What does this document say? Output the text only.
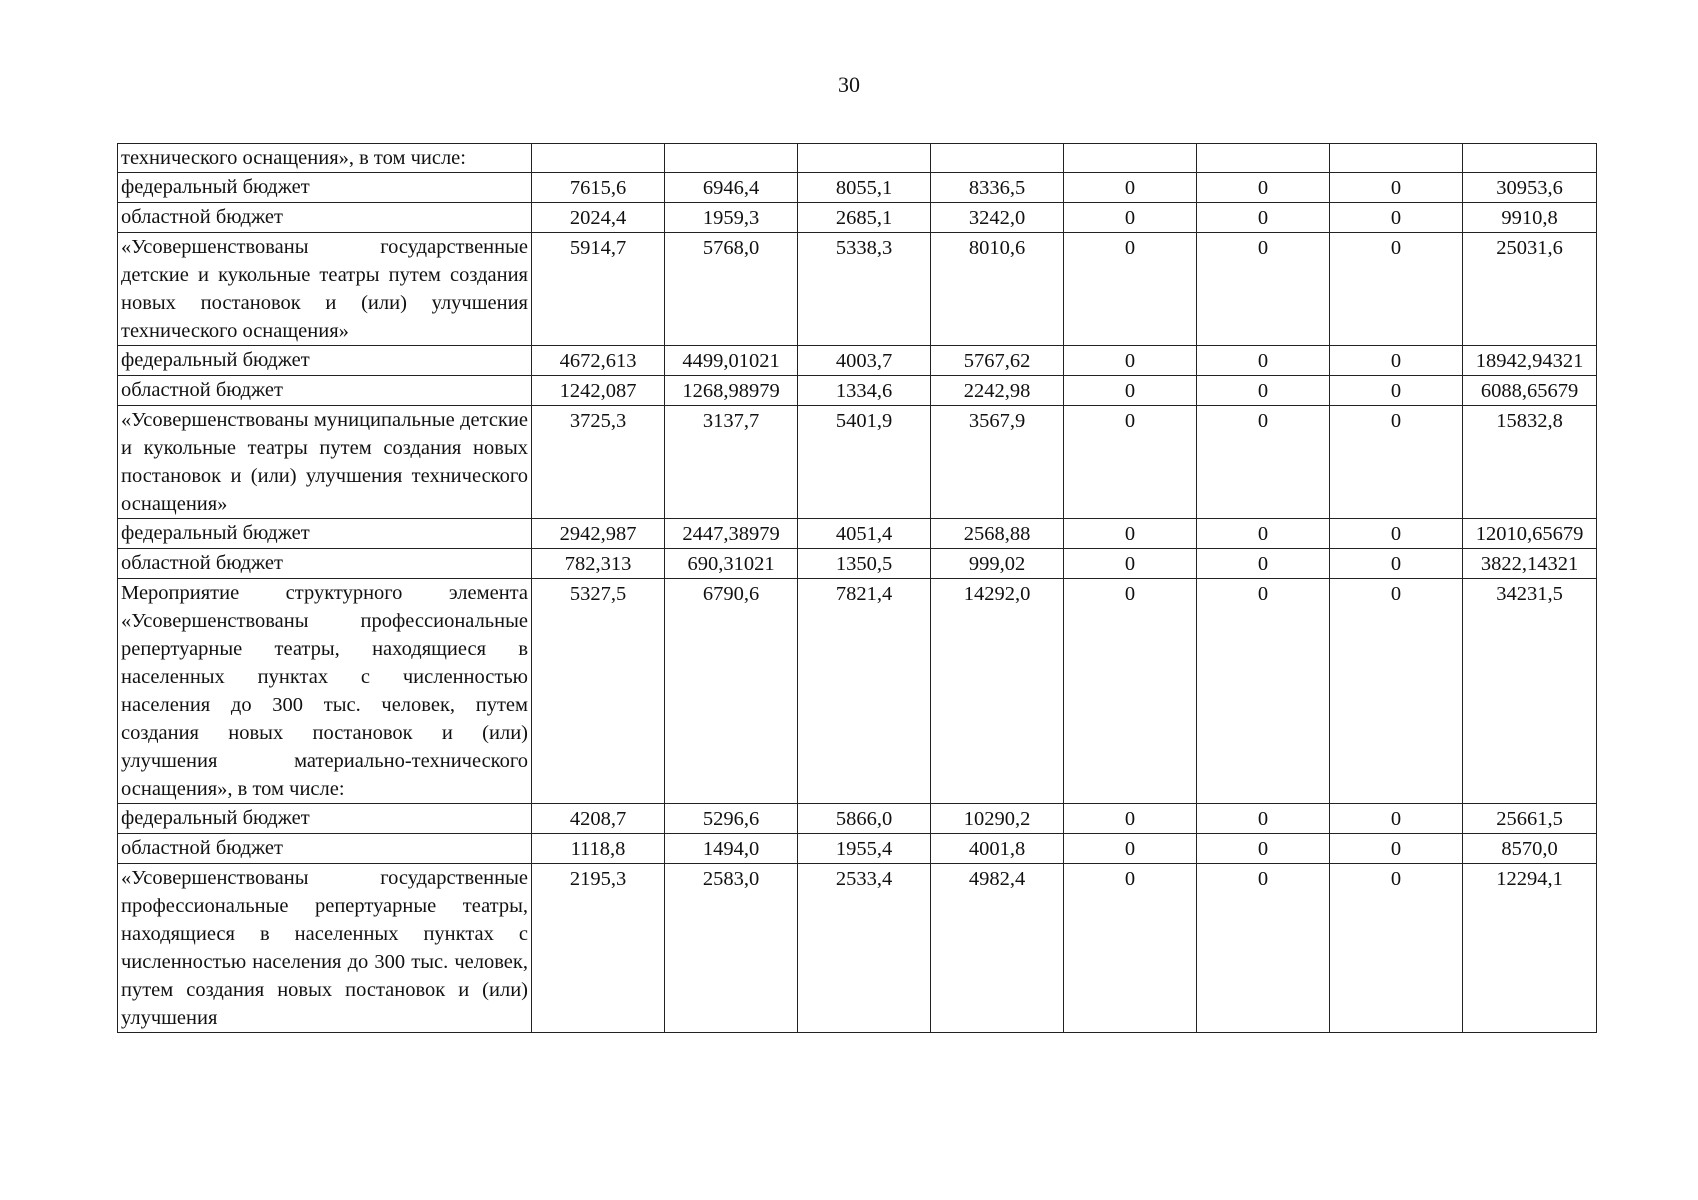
30
технического оснащения», в том числе:								
федеральный бюджет	7615,6	6946,4	8055,1	8336,5	0	0	0	30953,6
областной бюджет	2024,4	1959,3	2685,1	3242,0	0	0	0	9910,8
«Усовершенствованы государственные детские и кукольные театры путем создания новых постановок и (или) улучшения технического оснащения»	5914,7	5768,0	5338,3	8010,6	0	0	0	25031,6
федеральный бюджет	4672,613	4499,01021	4003,7	5767,62	0	0	0	18942,94321
областной бюджет	1242,087	1268,98979	1334,6	2242,98	0	0	0	6088,65679
«Усовершенствованы муниципальные детские и кукольные театры путем создания новых постановок и (или) улучшения технического оснащения»	3725,3	3137,7	5401,9	3567,9	0	0	0	15832,8
федеральный бюджет	2942,987	2447,38979	4051,4	2568,88	0	0	0	12010,65679
областной бюджет	782,313	690,31021	1350,5	999,02	0	0	0	3822,14321
Мероприятие структурного элемента «Усовершенствованы профессиональные репертуарные театры, находящиеся в населенных пунктах с численностью населения до 300 тыс. человек, путем создания новых постановок и (или) улучшения материально-технического оснащения», в том числе:	5327,5	6790,6	7821,4	14292,0	0	0	0	34231,5
федеральный бюджет	4208,7	5296,6	5866,0	10290,2	0	0	0	25661,5
областной бюджет	1118,8	1494,0	1955,4	4001,8	0	0	0	8570,0
«Усовершенствованы государственные профессиональные репертуарные театры, находящиеся в населенных пунктах с численностью населения до 300 тыс. человек, путем создания новых постановок и (или) улучшения	2195,3	2583,0	2533,4	4982,4	0	0	0	12294,1
